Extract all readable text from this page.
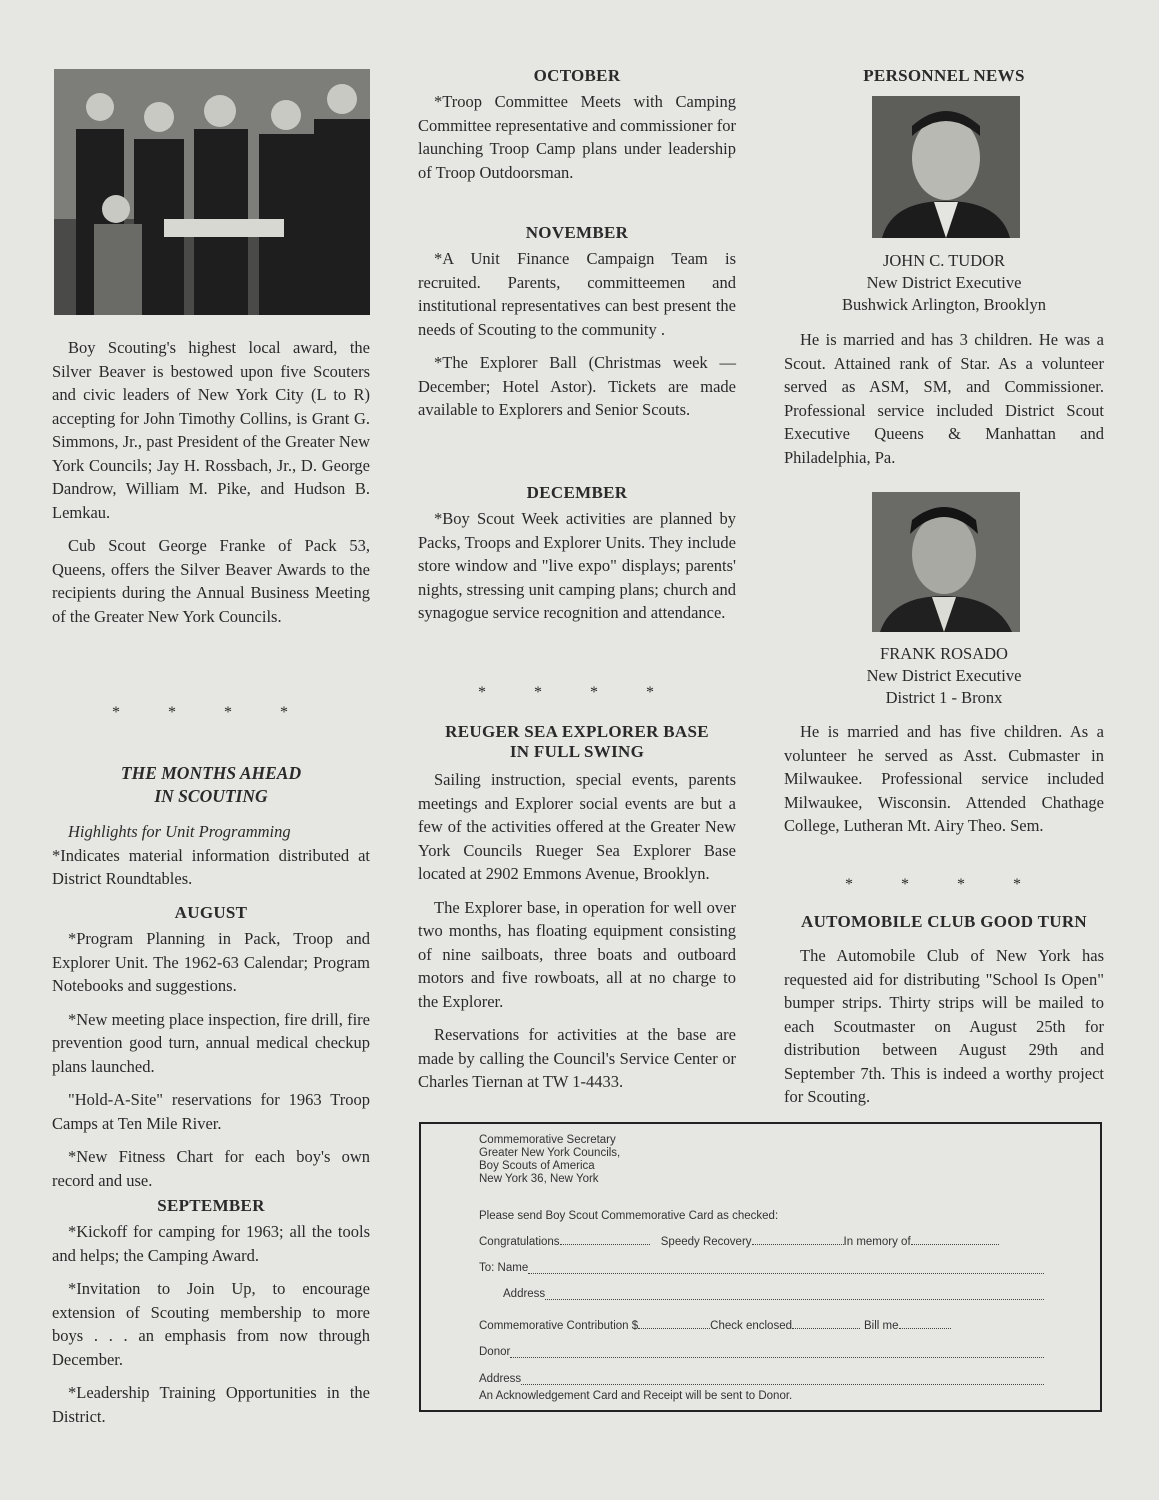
Boy Scouting's highest local award, the Silver Beaver is bestowed upon five Scouters and civic leaders of New York City (L to R) accepting for John Timothy Collins, is Grant G. Simmons, Jr., past President of the Greater New York Councils; Jay H. Rossbach, Jr., D. George Dandrow, William M. Pike, and Hudson B. Lemkau.

Cub Scout George Franke of Pack 53, Queens, offers the Silver Beaver Awards to the recipients during the Annual Business Meeting of the Greater New York Councils.

* * * *
THE MONTHS AHEAD
IN SCOUTING

Highlights for Unit Programming

*Indicates material information distributed at District Roundtables.

AUGUST

*Program Planning in Pack, Troop and Explorer Unit. The 1962-63 Calendar; Program Notebooks and suggestions.

*New meeting place inspection, fire drill, fire prevention good turn, annual medical checkup plans launched.

"Hold-A-Site" reservations for 1963 Troop Camps at Ten Mile River.

*New Fitness Chart for each boy's own record and use.

SEPTEMBER

*Kickoff for camping for 1963; all the tools and helps; the Camping Award.

*Invitation to Join Up, to encourage extension of Scouting membership to more boys . . . an emphasis from now through December.

*Leadership Training Opportunities in the District.

OCTOBER

*Troop Committee Meets with Camping Committee representative and commissioner for launching Troop Camp plans under leadership of Troop Outdoorsman.

NOVEMBER

*A Unit Finance Campaign Team is recruited. Parents, committeemen and institutional representatives can best present the needs of Scouting to the community .

*The Explorer Ball (Christmas week —December; Hotel Astor). Tickets are made available to Explorers and Senior Scouts.

DECEMBER

*Boy Scout Week activities are planned by Packs, Troops and Explorer Units. They include store window and "live expo" displays; parents' nights, stressing unit camping plans; church and synagogue service recognition and attendance.

* * * *
REUGER SEA EXPLORER BASE
IN FULL SWING

Sailing instruction, special events, parents meetings and Explorer social events are but a few of the activities offered at the Greater New York Councils Rueger Sea Explorer Base located at 2902 Emmons Avenue, Brooklyn.

The Explorer base, in operation for well over two months, has floating equipment consisting of nine sailboats, three boats and outboard motors and five rowboats, all at no charge to the Explorer.

Reservations for activities at the base are made by calling the Council's Service Center or Charles Tiernan at TW 1-4433.

PERSONNEL NEWS
JOHN C. TUDOR
New District Executive
Bushwick Arlington, Brooklyn

He is married and has 3 children. He was a Scout. Attained rank of Star. As a volunteer served as ASM, SM, and Commissioner. Professional service included District Scout Executive Queens & Manhattan and Philadelphia, Pa.

FRANK ROSADO
New District Executive
District 1 - Bronx

He is married and has five children. As a volunteer he served as Asst. Cubmaster in Milwaukee. Professional service included Milwaukee, Wisconsin. Attended Chathage College, Lutheran Mt. Airy Theo. Sem.

* * * *
AUTOMOBILE CLUB GOOD TURN

The Automobile Club of New York has requested aid for distributing "School Is Open" bumper strips. Thirty strips will be mailed to each Scoutmaster on August 25th for distribution between August 29th and September 7th. This is indeed a worthy project for Scouting.

Commemorative Secretary
Greater New York Councils,
Boy Scouts of America
New York 36, New York
Please send Boy Scout Commemorative Card as checked:
Congratulations	Speedy Recovery	In memory of
To: Name
Address
Commemorative Contribution $	Check enclosed	Bill me
Donor
Address
An Acknowledgement Card and Receipt will be sent to Donor.
